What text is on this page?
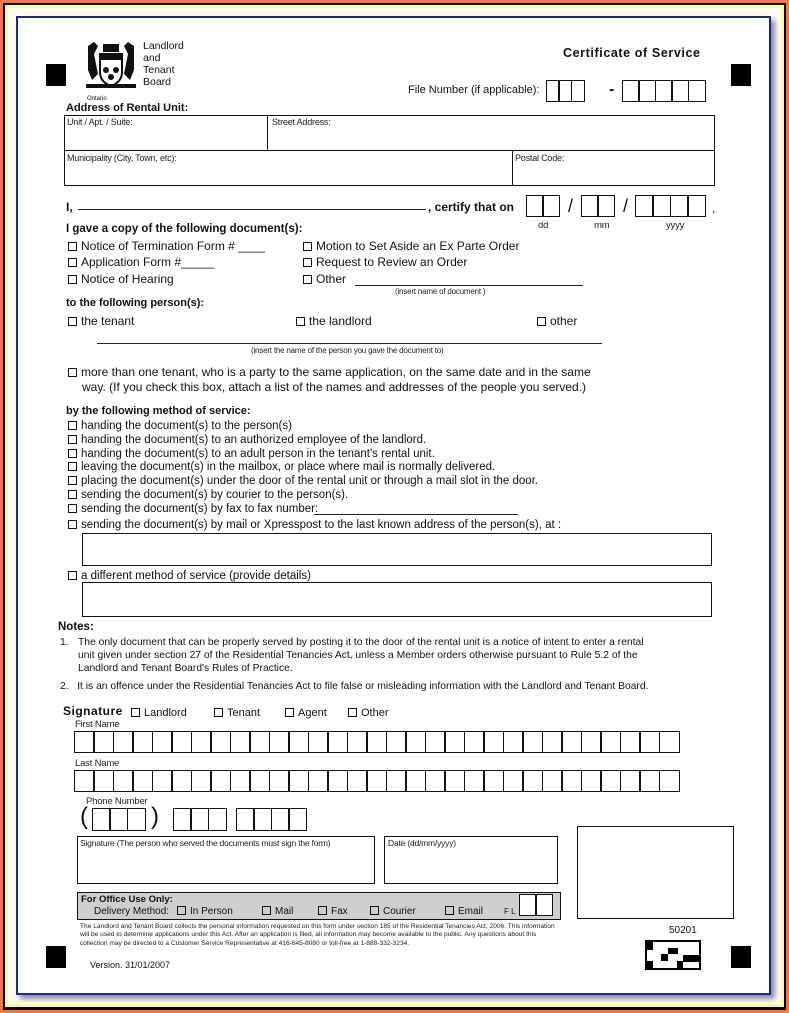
Ontario
Landlord
and
Tenant
Board
Certificate of Service
File Number (if applicable):	-
Address of Rental Unit:
Unit / Apt. / Suite:	Street Address:
Municipality (City, Town, etc):	Postal Code:
I,	, certify that on	/	/	,
dd	mm	yyyy
I gave a copy of the following document(s):
Notice of Termination Form # ____
Application Form #_____
Notice of Hearing
Motion to Set Aside an Ex Parte Order
Request to Review an Order
Other
(insert name of document )
to the following person(s):
the tenant	the landlord	other
(insert the name of the person you gave the document to)
more than one tenant, who is a party to the same application, on the same date and in the same
way. (If you check this box, attach a list of the names and addresses of the people you served.)
by the following method of service:
handing the document(s) to the person(s)
handing the document(s) to an authorized employee of the landlord.
handing the document(s) to an adult person in the tenant's rental unit.
leaving the document(s) in the mailbox, or place where mail is normally delivered.
placing the document(s) under the door of the rental unit or through a mail slot in the door.
sending the document(s) by courier to the person(s).
sending the document(s) by fax to fax number:
sending the document(s) by mail or Xpresspost to the last known address of the person(s), at :
a different method of service (provide details)
Notes:
1. The only document that can be properly served by posting it to the door of the rental unit is a notice of intent to enter a rental
unit given under section 27 of the Residential Tenancies Act, unless a Member orders otherwise pursuant to Rule 5.2 of the
Landlord and Tenant Board's Rules of Practice.
2. It is an offence under the Residential Tenancies Act to file false or misleading information with the Landlord and Tenant Board.
Signature	Landlord	Tenant	Agent	Other
First Name
Last Name
Phone Number
(	)
Signature (The person who served the documents must sign the form)	Date (dd/mm/yyyy)
For Office Use Only:
Delivery Method:	In Person	Mail	Fax	Courier	Email	F L
The Landlord and Tenant Board collects the personal information requested on this form under section 185 of the Residential Tenancies Act, 2006. This information
will be used to determine applications under this Act. After an application is filed, all information may become available to the public. Any questions about this
collection may be directed to a Customer Service Representative at 416-645-8080 or toll-free at 1-888-332-3234.
Version. 31/01/2007
50201
